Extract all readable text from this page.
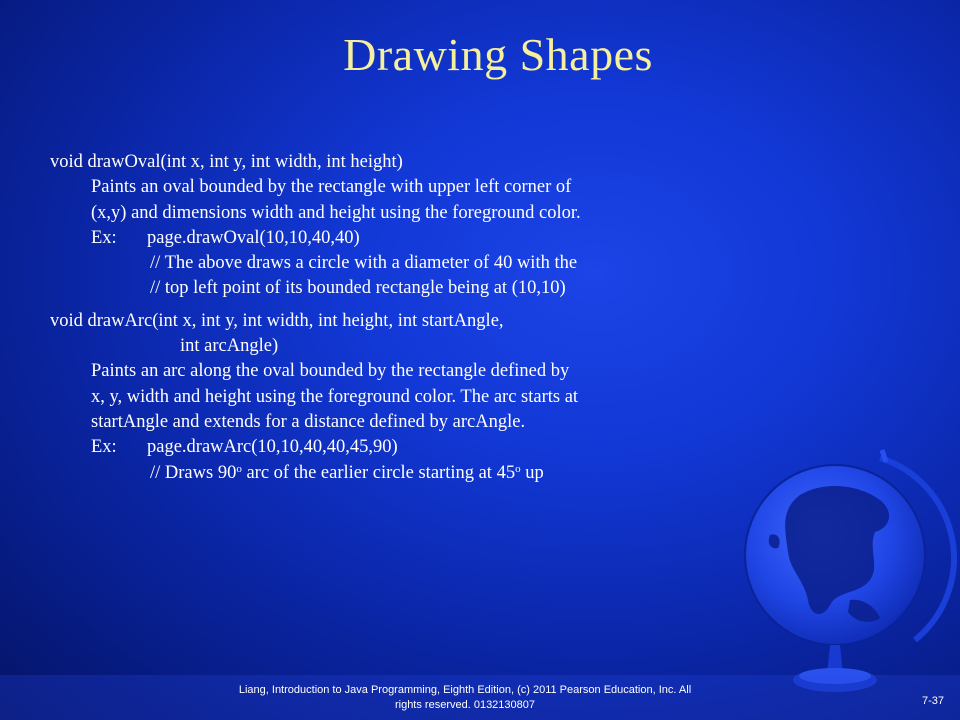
Drawing Shapes
void drawOval(int x, int y, int width, int height)
Paints an oval bounded by the rectangle with upper left corner of
(x,y) and dimensions width and height using the foreground color.
Ex: page.drawOval(10,10,40,40)
// The above draws a circle with a diameter of 40 with the
// top left point of its bounded rectangle being at (10,10)
void drawArc(int x, int y, int width, int height, int startAngle,
int arcAngle)
Paints an arc along the oval bounded by the rectangle defined by
x, y, width and height using the foreground color. The arc starts at
startAngle and extends for a distance defined by arcAngle.
Ex: page.drawArc(10,10,40,40,45,90)
// Draws 90$^o$ arc of the earlier circle starting at 45$^o$ up
Liang, Introduction to Java Programming, Eighth Edition, (c) 2011 Pearson Education, Inc. All
rights reserved. 0132130807	7-37
